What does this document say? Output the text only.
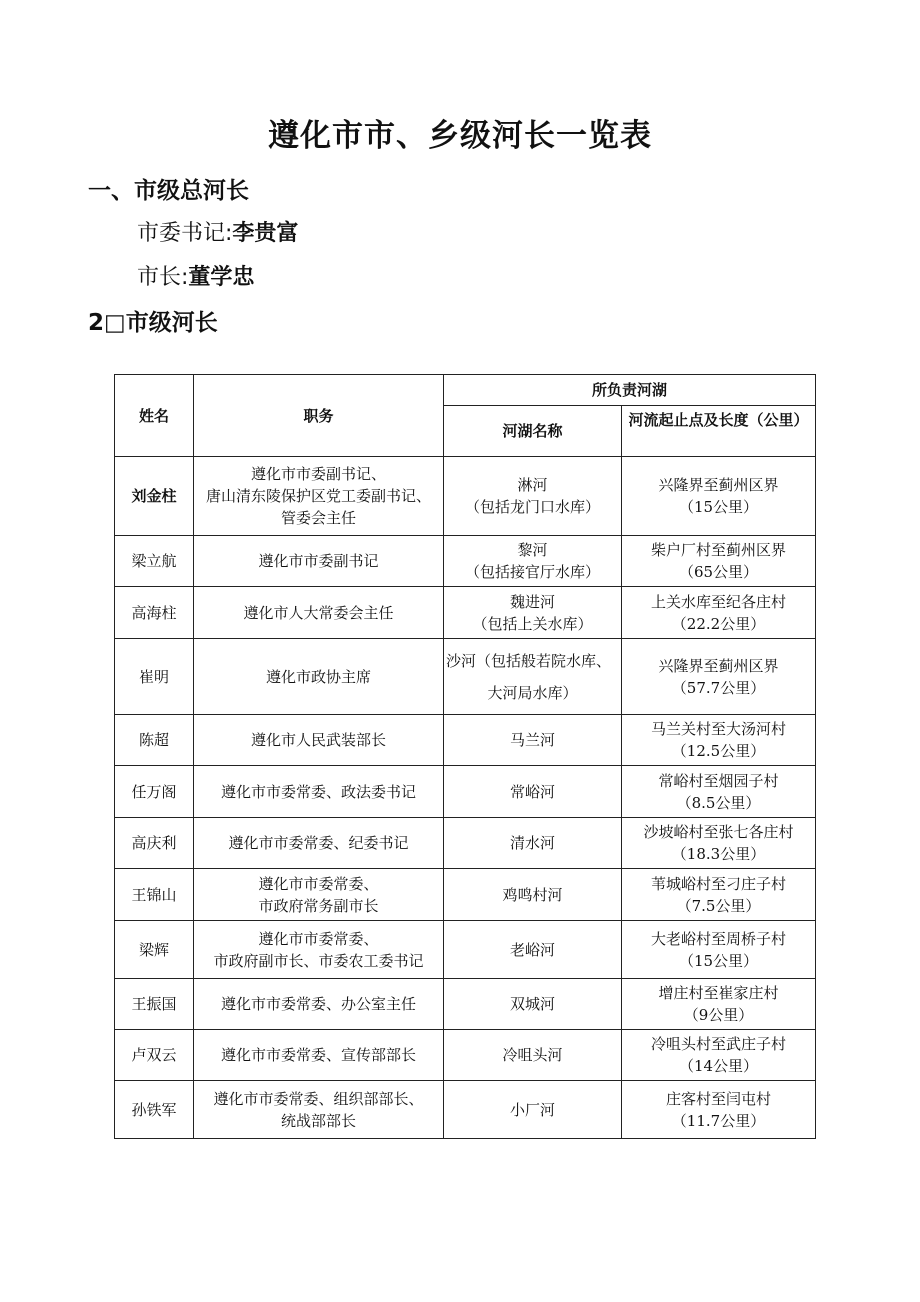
遵化市市、乡级河长一览表
一、市级总河长
市委书记:李贵富
市长:董学忠
2□市级河长
姓名	职务	所负责河湖	
		河湖名称	河流起止点及长度（公里）

刘金柱	遵化市市委副书记、
唐山清东陵保护区党工委副书记、
管委会主任	淋河
（包括龙门口水库）	兴隆界至蓟州区界
（15公里）

梁立航	遵化市市委副书记	黎河
（包括接官厅水库）	柴户厂村至蓟州区界
（65公里）

高海柱	遵化市人大常委会主任	魏进河
（包括上关水库）	上关水库至纪各庄村
（22.2公里）

崔明	遵化市政协主席	沙河（包括般若院水库、
大河局水库）	兴隆界至蓟州区界
（57.7公里）

陈超	遵化市人民武装部长	马兰河	马兰关村至大汤河村
（12.5公里）

任万阁	遵化市市委常委、政法委书记	常峪河	常峪村至烟园子村
（8.5公里）

高庆利	遵化市市委常委、纪委书记	清水河	沙坡峪村至张七各庄村
（18.3公里）

王锦山	遵化市市委常委、
市政府常务副市长	鸡鸣村河	苇城峪村至刁庄子村
（7.5公里）

梁辉	遵化市市委常委、
市政府副市长、市委农工委书记	老峪河	大老峪村至周桥子村
（15公里）

王振国	遵化市市委常委、办公室主任	双城河	增庄村至崔家庄村
（9公里）

卢双云	遵化市市委常委、宣传部部长	冷咀头河	冷咀头村至武庄子村
（14公里）

孙铁军	遵化市市委常委、组织部部长、
统战部部长	小厂河	庄客村至闫屯村
（11.7公里）
